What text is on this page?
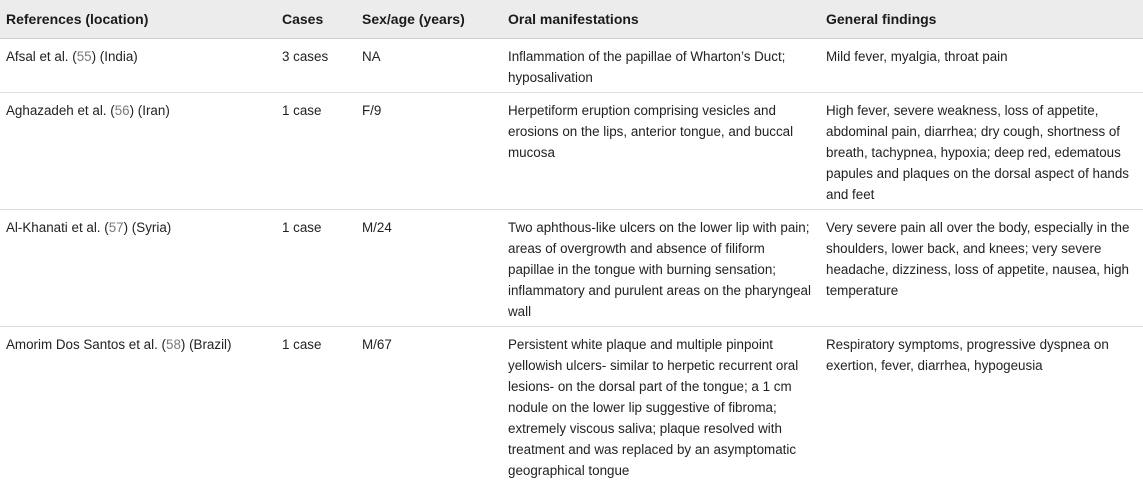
References (location)	Cases	Sex/age (years)	Oral manifestations	General findings
Afsal et al. (55) (India)	3 cases	NA	Inflammation of the papillae of Wharton’s Duct; hyposalivation	Mild fever, myalgia, throat pain
Aghazadeh et al. (56) (Iran)	1 case	F/9	Herpetiform eruption comprising vesicles and erosions on the lips, anterior tongue, and buccal mucosa	High fever, severe weakness, loss of appetite, abdominal pain, diarrhea; dry cough, shortness of breath, tachypnea, hypoxia; deep red, edematous papules and plaques on the dorsal aspect of hands and feet
Al-Khanati et al. (57) (Syria)	1 case	M/24	Two aphthous-like ulcers on the lower lip with pain; areas of overgrowth and absence of filiform papillae in the tongue with burning sensation; inflammatory and purulent areas on the pharyngeal wall	Very severe pain all over the body, especially in the shoulders, lower back, and knees; very severe headache, dizziness, loss of appetite, nausea, high temperature
Amorim Dos Santos et al. (58) (Brazil)	1 case	M/67	Persistent white plaque and multiple pinpoint yellowish ulcers- similar to herpetic recurrent oral lesions- on the dorsal part of the tongue; a 1 cm nodule on the lower lip suggestive of fibroma; extremely viscous saliva; plaque resolved with treatment and was replaced by an asymptomatic geographical tongue	Respiratory symptoms, progressive dyspnea on exertion, fever, diarrhea, hypogeusia
